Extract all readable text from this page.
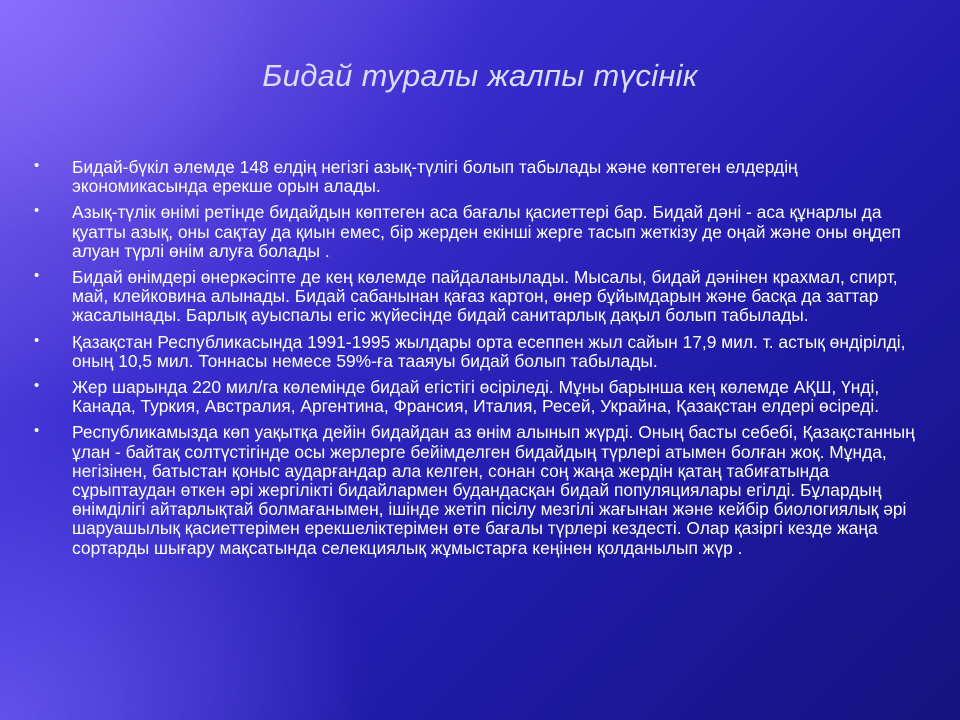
Бидай туралы жалпы түсінік
• Бидай-бүкіл әлемде 148 елдің негізгі азық-түлігі болып табылады және көптеген елдердің экономикасында ерекше орын алады.
• Азық-түлік өнімі ретінде бидайдын көптеген аса бағалы қасиеттері бар. Бидай дәні - аса құнарлы да қуатты азық, оны сақтау да қиын емес, бір жерден екінші жерге тасып жеткізу де оңай және оны өңдеп алуан түрлі өнім алуға болады .
• Бидай өнімдері өнеркәсіпте де кең көлемде пайдаланылады. Мысалы, бидай дәнінен крахмал, спирт, май, клейковина алынады. Бидай сабанынан қағаз картон, өнер бұйымдарын және басқа да заттар жасалынады. Барлық ауыспалы егіс жүйесінде бидай санитарлық дақыл болып табылады.
• Қазақстан Республикасында 1991-1995 жылдары орта есеппен жыл сайын 17,9 мил. т. астық өндірілді, оның 10,5 мил. Тоннасы немесе 59%-ға тааяуы бидай болып табылады.
• Жер шарында 220 мил/га көлемінде бидай егістігі өсіріледі. Мұны барынша кең көлемде АҚШ, Үнді, Канада, Туркия, Австралия, Аргентина, Франсия, Италия, Ресей, Украйна, Қазақстан елдері өсіреді.
• Республикамызда көп уақытқа дейін бидайдан аз өнім алынып жүрді. Оның басты себебі, Қазақстанның ұлан - байтақ солтүстігінде осы жерлерге бейімделген бидайдың түрлері атымен болған жоқ. Мұнда, негізінен, батыстан қоныс аударғандар ала келген, сонан соң жаңа жердін қатаң табиғатында сұрыптаудан өткен әрі жергілікті бидайлармен будандасқан бидай популяциялары егілді. Бұлардың өнімділігі айтарлықтай болмағанымен, ішінде жетіп пісілу мезгілі жағынан және кейбір биологиялық әрі шаруашылық қасиеттерімен ерекшеліктерімен өте бағалы түрлері кездесті. Олар қазіргі кезде жаңа сортарды шығару мақсатында селекциялық жұмыстарға кеңінен қолданылып жүр .
